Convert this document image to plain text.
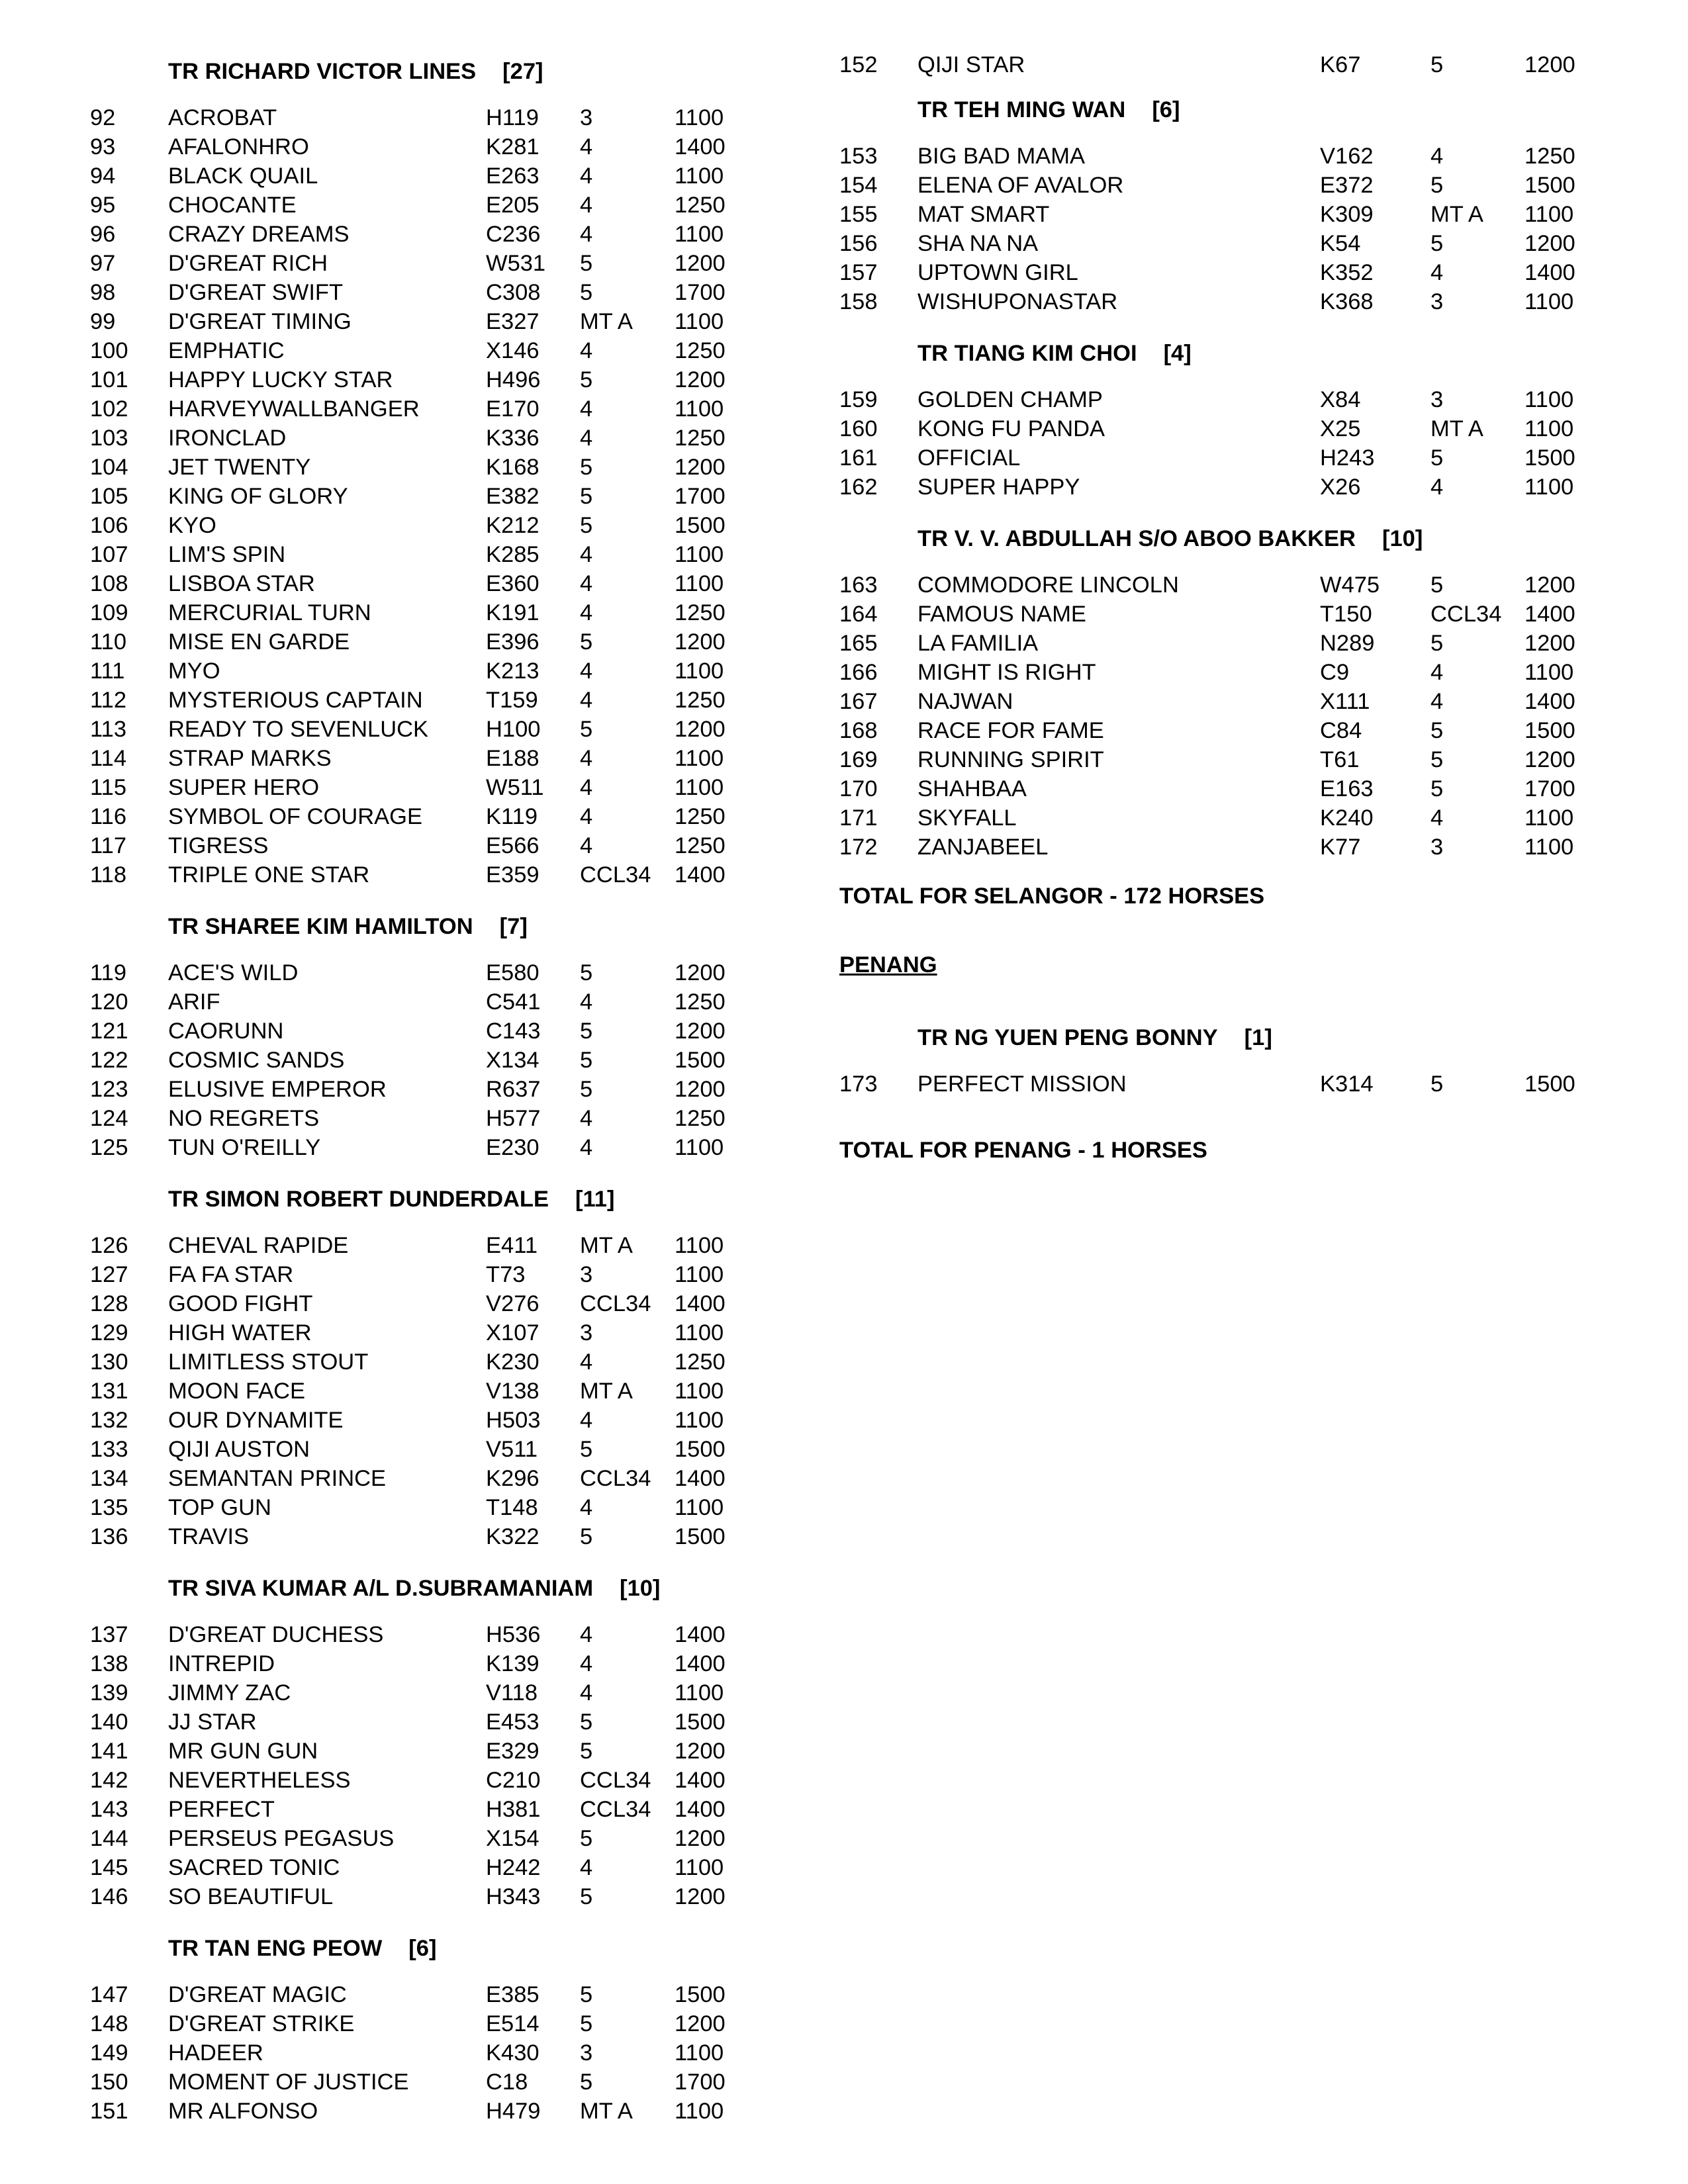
TR RICHARD VICTOR LINES [27]
92	ACROBAT	H119	3	1100
93	AFALONHRO	K281	4	1400
94	BLACK QUAIL	E263	4	1100
95	CHOCANTE	E205	4	1250
96	CRAZY DREAMS	C236	4	1100
97	D'GREAT RICH	W531	5	1200
98	D'GREAT SWIFT	C308	5	1700
99	D'GREAT TIMING	E327	MT A	1100
100	EMPHATIC	X146	4	1250
101	HAPPY LUCKY STAR	H496	5	1200
102	HARVEYWALLBANGER	E170	4	1100
103	IRONCLAD	K336	4	1250
104	JET TWENTY	K168	5	1200
105	KING OF GLORY	E382	5	1700
106	KYO	K212	5	1500
107	LIM'S SPIN	K285	4	1100
108	LISBOA STAR	E360	4	1100
109	MERCURIAL TURN	K191	4	1250
110	MISE EN GARDE	E396	5	1200
111	MYO	K213	4	1100
112	MYSTERIOUS CAPTAIN	T159	4	1250
113	READY TO SEVENLUCK	H100	5	1200
114	STRAP MARKS	E188	4	1100
115	SUPER HERO	W511	4	1100
116	SYMBOL OF COURAGE	K119	4	1250
117	TIGRESS	E566	4	1250
118	TRIPLE ONE STAR	E359	CCL34	1400
TR SHAREE KIM HAMILTON [7]
119	ACE'S WILD	E580	5	1200
120	ARIF	C541	4	1250
121	CAORUNN	C143	5	1200
122	COSMIC SANDS	X134	5	1500
123	ELUSIVE EMPEROR	R637	5	1200
124	NO REGRETS	H577	4	1250
125	TUN O'REILLY	E230	4	1100
TR SIMON ROBERT DUNDERDALE [11]
126	CHEVAL RAPIDE	E411	MT A	1100
127	FA FA STAR	T73	3	1100
128	GOOD FIGHT	V276	CCL34	1400
129	HIGH WATER	X107	3	1100
130	LIMITLESS STOUT	K230	4	1250
131	MOON FACE	V138	MT A	1100
132	OUR DYNAMITE	H503	4	1100
133	QIJI AUSTON	V511	5	1500
134	SEMANTAN PRINCE	K296	CCL34	1400
135	TOP GUN	T148	4	1100
136	TRAVIS	K322	5	1500
TR SIVA KUMAR A/L D.SUBRAMANIAM [10]
137	D'GREAT DUCHESS	H536	4	1400
138	INTREPID	K139	4	1400
139	JIMMY ZAC	V118	4	1100
140	JJ STAR	E453	5	1500
141	MR GUN GUN	E329	5	1200
142	NEVERTHELESS	C210	CCL34	1400
143	PERFECT	H381	CCL34	1400
144	PERSEUS PEGASUS	X154	5	1200
145	SACRED TONIC	H242	4	1100
146	SO BEAUTIFUL	H343	5	1200
TR TAN ENG PEOW [6]
147	D'GREAT MAGIC	E385	5	1500
148	D'GREAT STRIKE	E514	5	1200
149	HADEER	K430	3	1100
150	MOMENT OF JUSTICE	C18	5	1700
151	MR ALFONSO	H479	MT A	1100
152	QIJI STAR	K67	5	1200
TR TEH MING WAN [6]
153	BIG BAD MAMA	V162	4	1250
154	ELENA OF AVALOR	E372	5	1500
155	MAT SMART	K309	MT A	1100
156	SHA NA NA	K54	5	1200
157	UPTOWN GIRL	K352	4	1400
158	WISHUPONASTAR	K368	3	1100
TR TIANG KIM CHOI [4]
159	GOLDEN CHAMP	X84	3	1100
160	KONG FU PANDA	X25	MT A	1100
161	OFFICIAL	H243	5	1500
162	SUPER HAPPY	X26	4	1100
TR V. V. ABDULLAH S/O ABOO BAKKER [10]
163	COMMODORE LINCOLN	W475	5	1200
164	FAMOUS NAME	T150	CCL34	1400
165	LA FAMILIA	N289	5	1200
166	MIGHT IS RIGHT	C9	4	1100
167	NAJWAN	X111	4	1400
168	RACE FOR FAME	C84	5	1500
169	RUNNING SPIRIT	T61	5	1200
170	SHAHBAA	E163	5	1700
171	SKYFALL	K240	4	1100
172	ZANJABEEL	K77	3	1100
TOTAL FOR SELANGOR - 172 HORSES
PENANG
TR NG YUEN PENG BONNY [1]
173	PERFECT MISSION	K314	5	1500
TOTAL FOR PENANG - 1 HORSES
